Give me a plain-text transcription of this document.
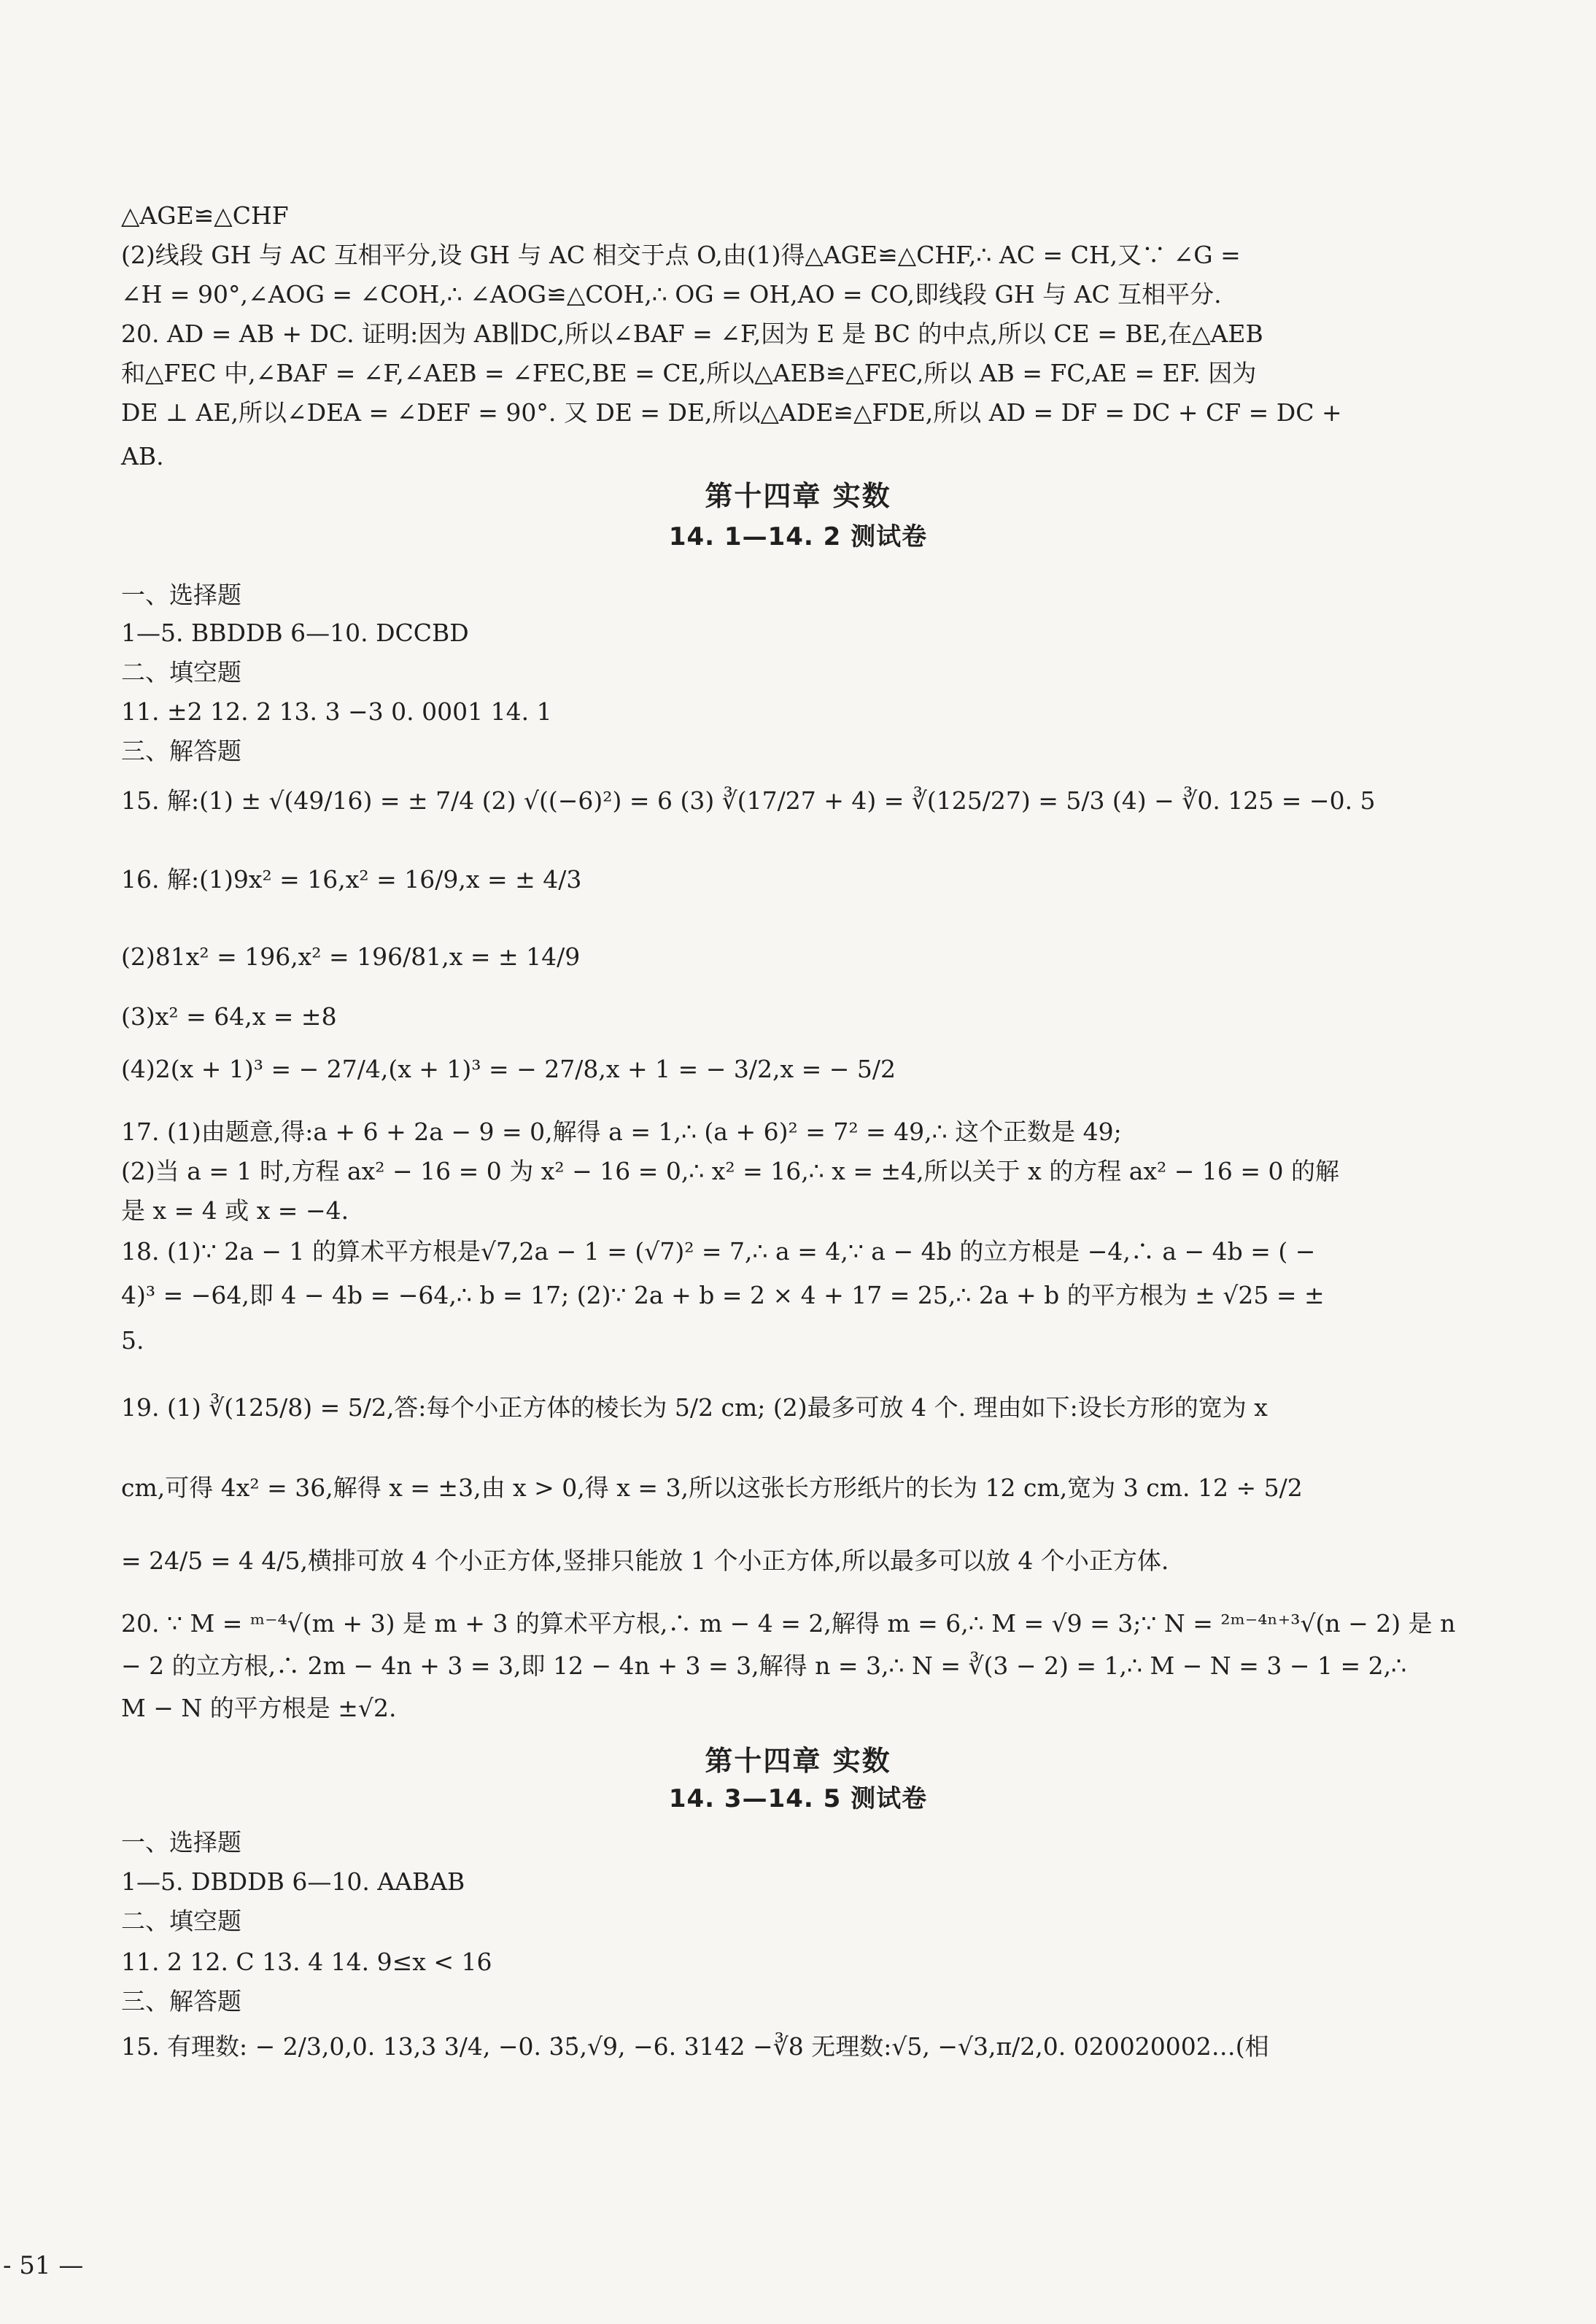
△AGE≌△CHF
(2)线段 GH 与 AC 互相平分,设 GH 与 AC 相交于点 O,由(1)得△AGE≌△CHF,∴ AC = CH,又∵ ∠G =
∠H = 90°,∠AOG = ∠COH,∴ ∠AOG≌△COH,∴ OG = OH,AO = CO,即线段 GH 与 AC 互相平分.
20. AD = AB + DC. 证明:因为 AB∥DC,所以∠BAF = ∠F,因为 E 是 BC 的中点,所以 CE = BE,在△AEB
和△FEC 中,∠BAF = ∠F,∠AEB = ∠FEC,BE = CE,所以△AEB≌△FEC,所以 AB = FC,AE = EF. 因为
DE ⊥ AE,所以∠DEA = ∠DEF = 90°. 又 DE = DE,所以△ADE≌△FDE,所以 AD = DF = DC + CF = DC +
AB.
一、选择题
1—5. BBDDB 6—10. DCCBD
二、填空题
11. ±2 12. 2 13. 3 −3 0. 0001 14. 1
三、解答题
15. 解:(1) ± √(49/16) = ± 7/4 (2) √((−6)²) = 6 (3) ∛(17/27 + 4) = ∛(125/27) = 5/3 (4) − ∛0. 125 = −0. 5
16. 解:(1)9x² = 16,x² = 16/9,x = ± 4/3
(2)81x² = 196,x² = 196/81,x = ± 14/9
(3)x² = 64,x = ±8
(4)2(x + 1)³ = − 27/4,(x + 1)³ = − 27/8,x + 1 = − 3/2,x = − 5/2
17. (1)由题意,得:a + 6 + 2a − 9 = 0,解得 a = 1,∴ (a + 6)² = 7² = 49,∴ 这个正数是 49;
(2)当 a = 1 时,方程 ax² − 16 = 0 为 x² − 16 = 0,∴ x² = 16,∴ x = ±4,所以关于 x 的方程 ax² − 16 = 0 的解
是 x = 4 或 x = −4.
18. (1)∵ 2a − 1 的算术平方根是√7,2a − 1 = (√7)² = 7,∴ a = 4,∵ a − 4b 的立方根是 −4,∴ a − 4b = ( −
4)³ = −64,即 4 − 4b = −64,∴ b = 17; (2)∵ 2a + b = 2 × 4 + 17 = 25,∴ 2a + b 的平方根为 ± √25 = ±
5.
19. (1) ∛(125/8) = 5/2,答:每个小正方体的棱长为 5/2 cm; (2)最多可放 4 个. 理由如下:设长方形的宽为 x
cm,可得 4x² = 36,解得 x = ±3,由 x > 0,得 x = 3,所以这张长方形纸片的长为 12 cm,宽为 3 cm. 12 ÷ 5/2
= 24/5 = 4 4/5,横排可放 4 个小正方体,竖排只能放 1 个小正方体,所以最多可以放 4 个小正方体.
20. ∵ M = ᵐ⁻⁴√(m + 3) 是 m + 3 的算术平方根,∴ m − 4 = 2,解得 m = 6,∴ M = √9 = 3;∵ N = ²ᵐ⁻⁴ⁿ⁺³√(n − 2) 是 n
− 2 的立方根,∴ 2m − 4n + 3 = 3,即 12 − 4n + 3 = 3,解得 n = 3,∴ N = ∛(3 − 2) = 1,∴ M − N = 3 − 1 = 2,∴
M − N 的平方根是 ±√2.
一、选择题
1—5. DBDDB 6—10. AABAB
二、填空题
11. 2 12. C 13. 4 14. 9≤x < 16
三、解答题
15. 有理数: − 2/3,0,0. 13,3 3/4, −0. 3̇5̇,√9, −6. 3142 −∛8 无理数:√5, −√3,π/2,0. 020020002…(相
第十四章 实数
14. 1—14. 2 测试卷
第十四章 实数
14. 3—14. 5 测试卷
- 51 —
